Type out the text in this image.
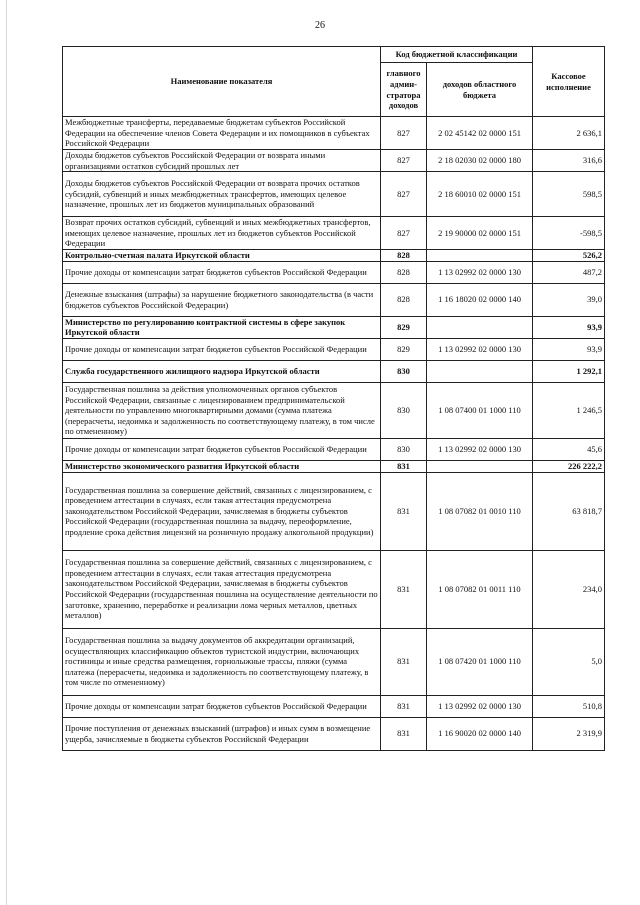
26
Наименование показателя	Код бюджетной классификации		Кассовое исполнение
	главного админ-стратора доходов	доходов областного бюджета	
Межбюджетные трансферты, передаваемые бюджетам субъектов Российской Федерации на обеспечение членов Совета Федерации и их помощников в субъектах Российской Федерации	827	2 02 45142 02 0000 151	2 636,1
Доходы бюджетов субъектов Российской Федерации от возврата иными организациями остатков субсидий прошлых лет	827	2 18 02030 02 0000 180	316,6
Доходы бюджетов субъектов Российской Федерации от возврата прочих остатков субсидий, субвенций и иных межбюджетных трансфертов, имеющих целевое назначение, прошлых лет из бюджетов муниципальных образований	827	2 18 60010 02 0000 151	598,5
Возврат прочих остатков субсидий, субвенций и иных межбюджетных трансфертов, имеющих целевое назначение, прошлых лет из бюджетов субъектов Российской Федерации	827	2 19 90000 02 0000 151	-598,5
Контрольно-счетная палата Иркутской области	828		526,2
Прочие доходы от компенсации затрат бюджетов субъектов Российской Федерации	828	1 13 02992 02 0000 130	487,2
Денежные взыскания (штрафы) за нарушение бюджетного законодательства (в части бюджетов субъектов Российской Федерации)	828	1 16 18020 02 0000 140	39,0
Министерство по регулированию контрактной системы в сфере закупок Иркутской области	829		93,9
Прочие доходы от компенсации затрат бюджетов субъектов Российской Федерации	829	1 13 02992 02 0000 130	93,9
Служба государственного жилищного надзора Иркутской области	830		1 292,1
Государственная пошлина за действия уполномоченных органов субъектов Российской Федерации, связанные с лицензированием предпринимательской деятельности по управлению многоквартирными домами (сумма платежа (перерасчеты, недоимка и задолженность по соответствующему платежу, в том числе по отмененному)	830	1 08 07400 01 1000 110	1 246,5
Прочие доходы от компенсации затрат бюджетов субъектов Российской Федерации	830	1 13 02992 02 0000 130	45,6
Министерство экономического развития Иркутской области	831		226 222,2
Государственная пошлина за совершение действий, связанных с лицензированием, с проведением аттестации в случаях, если такая аттестация предусмотрена законодательством Российской Федерации, зачисляемая в бюджеты субъектов Российской Федерации (государственная пошлина за выдачу, переоформление, продление срока действия лицензий на розничную продажу алкогольной продукции)	831	1 08 07082 01 0010 110	63 818,7
Государственная пошлина за совершение действий, связанных с лицензированием, с проведением аттестации в случаях, если такая аттестация предусмотрена законодательством Российской Федерации, зачисляемая в бюджеты субъектов Российской Федерации (государственная пошлина на осуществление деятельности по заготовке, хранению, переработке и реализации лома черных металлов, цветных металлов)	831	1 08 07082 01 0011 110	234,0
Государственная пошлина за выдачу документов об аккредитации организаций, осуществляющих классификацию объектов туристской индустрии, включающих гостиницы и иные средства размещения, горнолыжные трассы, пляжи (сумма платежа (перерасчеты, недоимка и задолженность по соответствующему платежу, в том числе по отмененному)	831	1 08 07420 01 1000 110	5,0
Прочие доходы от компенсации затрат бюджетов субъектов Российской Федерации	831	1 13 02992 02 0000 130	510,8
Прочие поступления от денежных взысканий (штрафов) и иных сумм в возмещение ущерба, зачисляемые в бюджеты субъектов Российской Федерации	831	1 16 90020 02 0000 140	2 319,9
